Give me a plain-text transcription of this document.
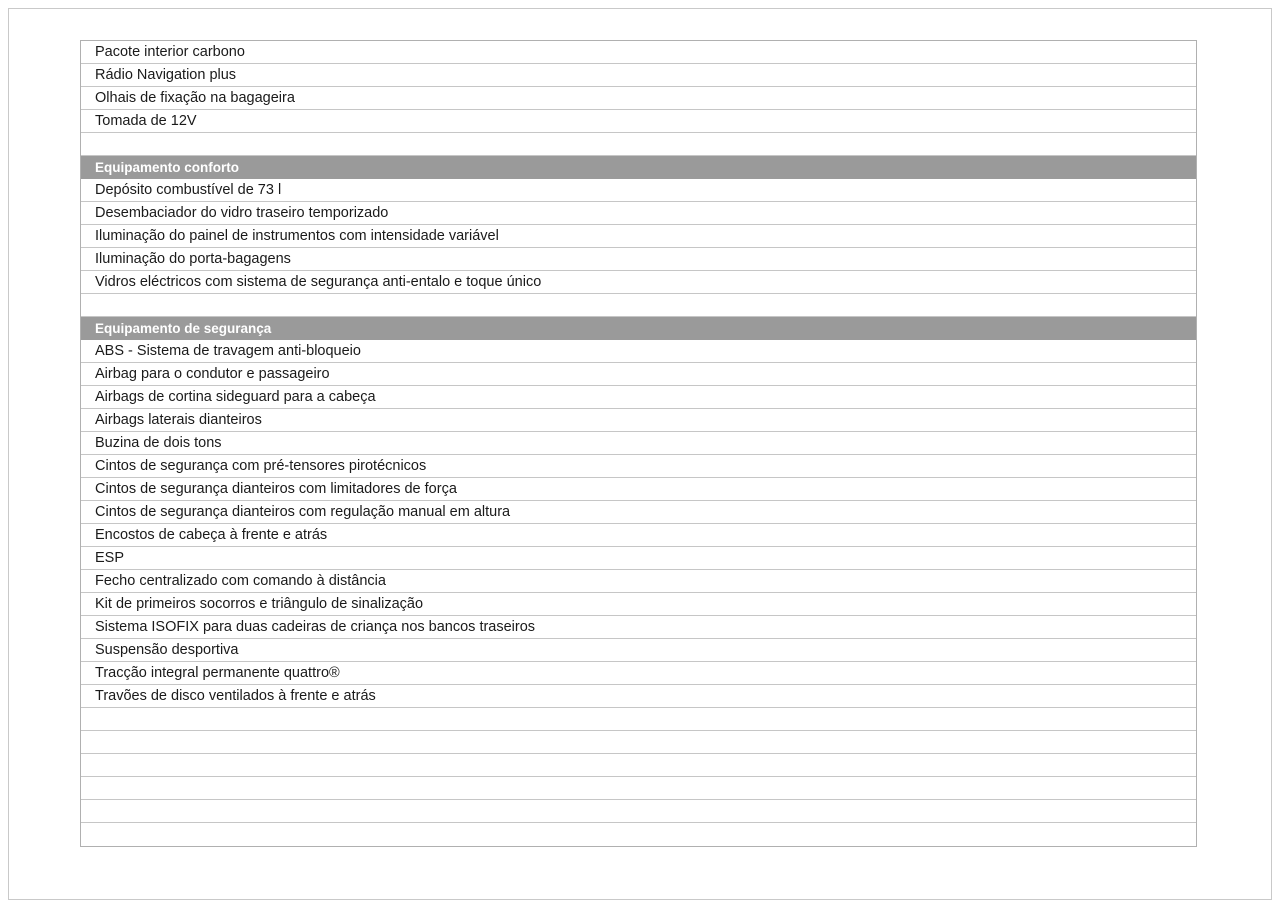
Pacote interior carbono
Rádio Navigation plus
Olhais de fixação na bagageira
Tomada de 12V
Equipamento conforto
Depósito combustível de 73 l
Desembaciador do vidro traseiro temporizado
Iluminação do painel de instrumentos com intensidade variável
Iluminação do porta-bagagens
Vidros eléctricos com sistema de segurança anti-entalo e toque único
Equipamento de segurança
ABS - Sistema de travagem anti-bloqueio
Airbag para o condutor e passageiro
Airbags de cortina sideguard para a cabeça
Airbags laterais dianteiros
Buzina de dois tons
Cintos de segurança com pré-tensores pirotécnicos
Cintos de segurança dianteiros com limitadores de força
Cintos de segurança dianteiros com regulação manual em altura
Encostos de cabeça à frente e atrás
ESP
Fecho centralizado com comando à distância
Kit de primeiros socorros e triângulo de sinalização
Sistema ISOFIX para duas cadeiras de criança nos bancos traseiros
Suspensão desportiva
Tracção integral permanente quattro®
Travões de disco ventilados à frente e atrás
